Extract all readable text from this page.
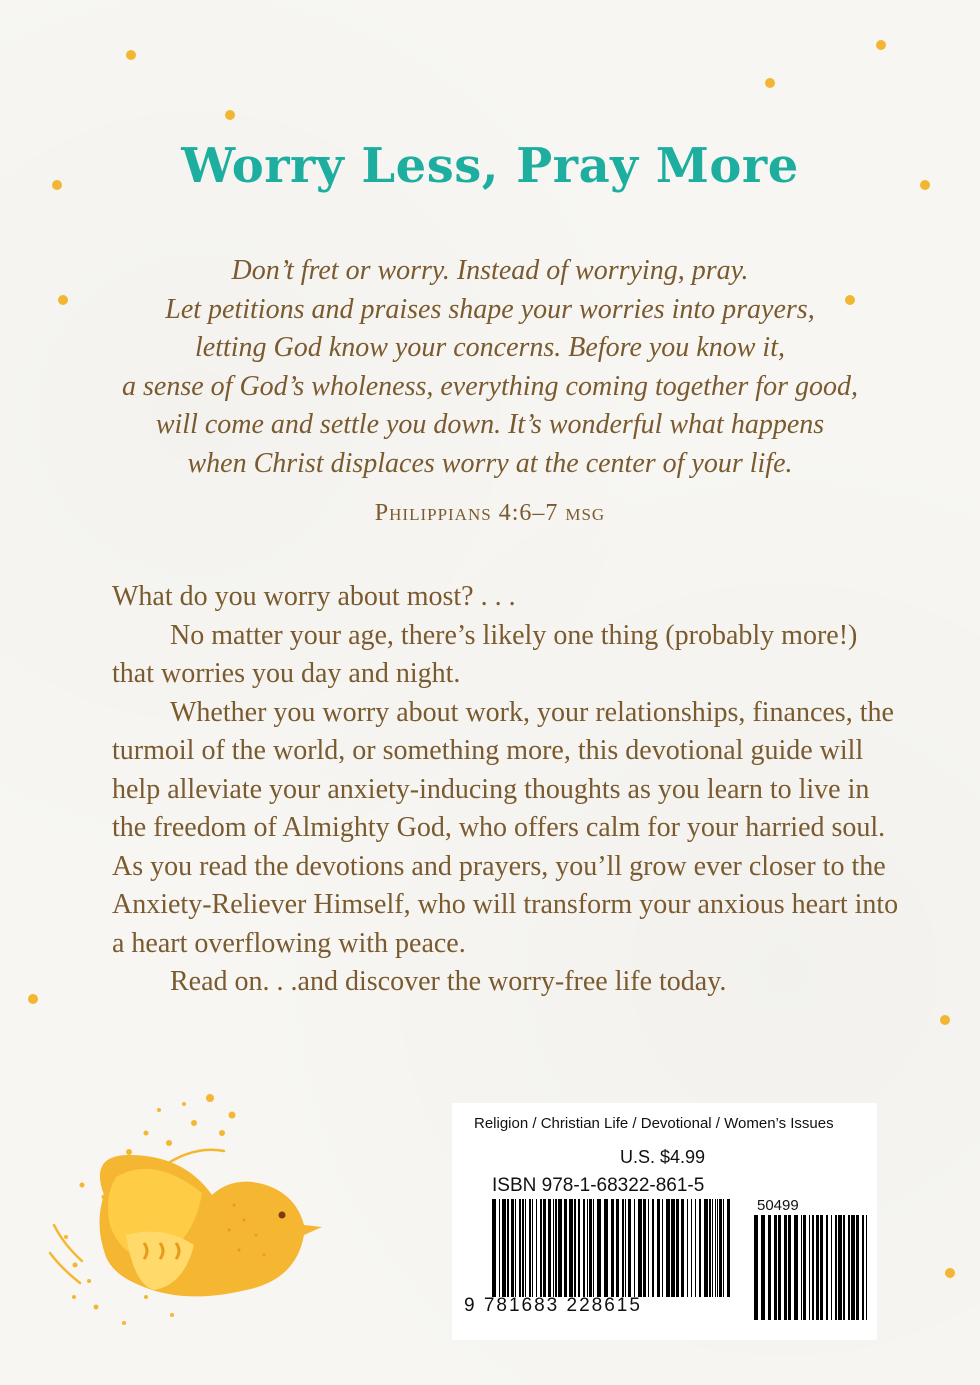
Worry Less, Pray More
Don’t fret or worry. Instead of worrying, pray.
Let petitions and praises shape your worries into prayers,
letting God know your concerns. Before you know it,
a sense of God’s wholeness, everything coming together for good,
will come and settle you down. It’s wonderful what happens
when Christ displaces worry at the center of your life.
Philippians 4:6–7 msg

What do you worry about most? . . .

No matter your age, there’s likely one thing (probably more!) that worries you day and night.

Whether you worry about work, your relationships, finances, the turmoil of the world, or something more, this devotional guide will help alleviate your anxiety-inducing thoughts as you learn to live in the freedom of Almighty God, who offers calm for your harried soul. As you read the devotions and prayers, you’ll grow ever closer to the Anxiety-Reliever Himself, who will transform your anxious heart into a heart overflowing with peace.

Read on. . .and discover the worry-free life today.

Religion / Christian Life / Devotional / Women’s Issues
U.S. $4.99
ISBN 978-1-68322-861-5
50499
9 781683 228615
